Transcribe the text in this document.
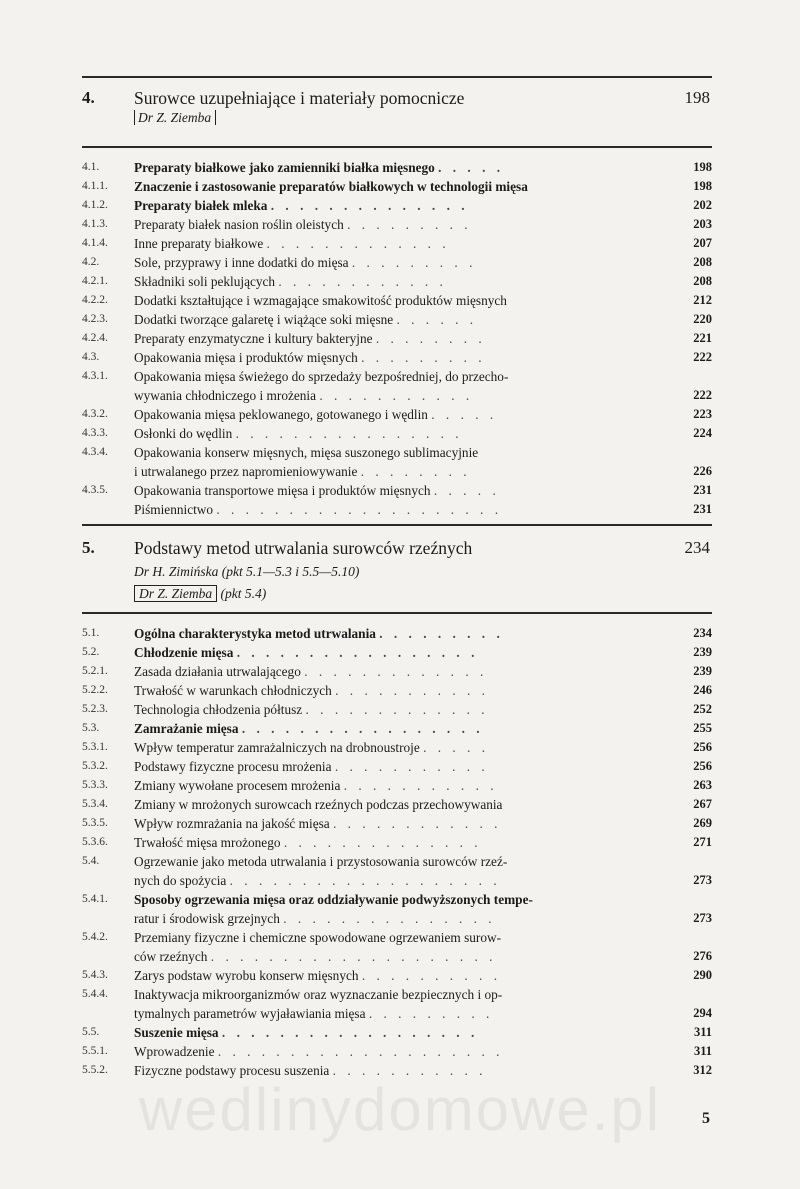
4. Surowce uzupełniające i materiały pomocnicze	198
Dr Z. Ziemba
4.1.	Preparaty białkowe jako zamienniki białka mięsnego . . . . .	198
4.1.1. Znaczenie i zastosowanie preparatów białkowych w technologii mięsa	198
4.1.2. Preparaty białek mleka . . . . . . . . . . . . . .	202
4.1.3. Preparaty białek nasion roślin oleistych . . . . . . . . .	203
4.1.4. Inne preparaty białkowe . . . . . . . . . . . . .	207
4.2.	Sole, przyprawy i inne dodatki do mięsa . . . . . . . . .	208
4.2.1. Składniki soli peklujących . . . . . . . . . . . .	208
4.2.2. Dodatki kształtujące i wzmagające smakowitość produktów mięsnych	212
4.2.3. Dodatki tworzące galaretę i wiążące soki mięsne . . . . . .	220
4.2.4. Preparaty enzymatyczne i kultury bakteryjne . . . . . . . .	221
4.3.	Opakowania mięsa i produktów mięsnych . . . . . . . . .	222
4.3.1. Opakowania mięsa świeżego do sprzedaży bezpośredniej, do przecho-
wywania chłodniczego i mrożenia . . . . . . . . . . .	222
4.3.2. Opakowania mięsa peklowanego, gotowanego i wędlin . . . . .	223
4.3.3. Osłonki do wędlin . . . . . . . . . . . . . . . .	224
4.3.4. Opakowania konserw mięsnych, mięsa suszonego sublimacyjnie
i utrwalanego przez napromieniowywanie . . . . . . . .	226
4.3.5. Opakowania transportowe mięsa i produktów mięsnych . . . . .	231
Piśmiennictwo . . . . . . . . . . . . . . . . . . . .	231
5. Podstawy metod utrwalania surowców rzeźnych	234
Dr H. Zimińska (pkt 5.1—5.3 i 5.5—5.10)
Dr Z. Ziemba (pkt 5.4)
5.1.	Ogólna charakterystyka metod utrwalania . . . . . . . . .	234
5.2.	Chłodzenie mięsa . . . . . . . . . . . . . . . . .	239
5.2.1. Zasada działania utrwalającego . . . . . . . . . . . . .	239
5.2.2. Trwałość w warunkach chłodniczych . . . . . . . . . . .	246
5.2.3. Technologia chłodzenia półtusz . . . . . . . . . . . . .	252
5.3.	Zamrażanie mięsa . . . . . . . . . . . . . . . . .	255
5.3.1. Wpływ temperatur zamrażalniczych na drobnoustroje . . . . .	256
5.3.2. Podstawy fizyczne procesu mrożenia . . . . . . . . . . .	256
5.3.3. Zmiany wywołane procesem mrożenia . . . . . . . . . . .	263
5.3.4. Zmiany w mrożonych surowcach rzeźnych podczas przechowywania	267
5.3.5. Wpływ rozmrażania na jakość mięsa . . . . . . . . . . . .	269
5.3.6. Trwałość mięsa mrożonego . . . . . . . . . . . . . .	271
5.4.	Ogrzewanie jako metoda utrwalania i przystosowania surowców rzeź-
nych do spożycia . . . . . . . . . . . . . . . . . . .	273
5.4.1. Sposoby ogrzewania mięsa oraz oddziaływanie podwyższonych tempe-
ratur i środowisk grzejnych . . . . . . . . . . . . . . .	273
5.4.2. Przemiany fizyczne i chemiczne spowodowane ogrzewaniem surow-
ców rzeźnych . . . . . . . . . . . . . . . . . . . .	276
5.4.3. Zarys podstaw wyrobu konserw mięsnych . . . . . . . . . .	290
5.4.4. Inaktywacja mikroorganizmów oraz wyznaczanie bezpiecznych i op-
tymalnych parametrów wyjaławiania mięsa . . . . . . . . .	294
5.5.	Suszenie mięsa . . . . . . . . . . . . . . . . . .	311
5.5.1. Wprowadzenie . . . . . . . . . . . . . . . . . . . .	311
5.5.2. Fizyczne podstawy procesu suszenia . . . . . . . . . . .	312
wedlinydomowe.pl	5
